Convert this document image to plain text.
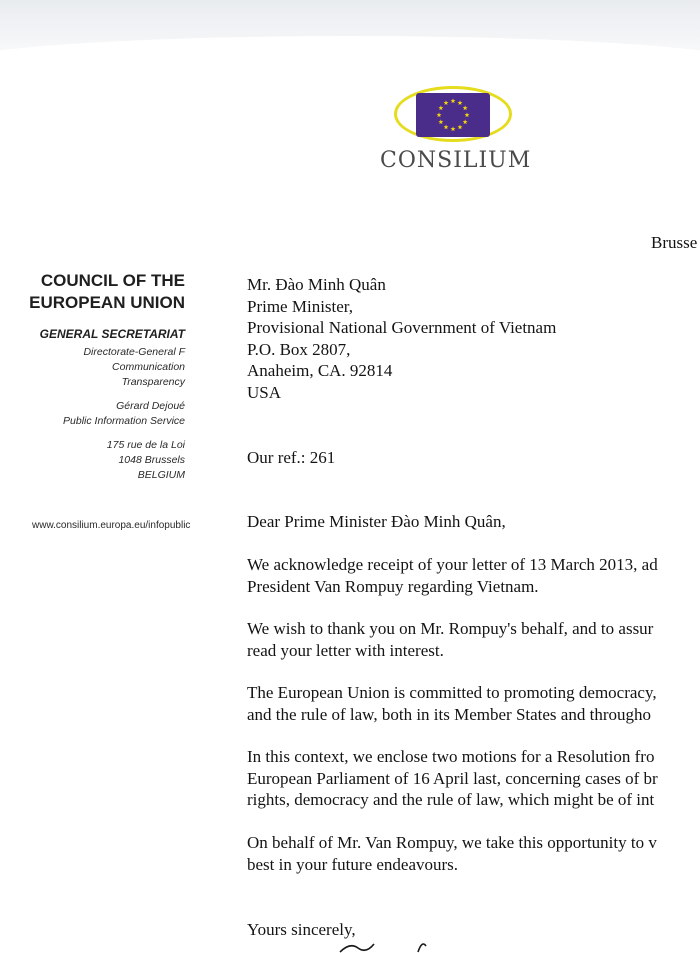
CONSILIUM
COUNCIL OF THE
EUROPEAN UNION
GENERAL SECRETARIAT
Directorate-General F
Communication
Transparency
Gérard Dejoué
Public Information Service
175 rue de la Loi
1048 Brussels
BELGIUM
www.consilium.europa.eu/infopublic
Brusse
Mr. Đào Minh Quân
Prime Minister,
Provisional National Government of Vietnam
P.O. Box 2807,
Anaheim, CA. 92814
USA
Our ref.: 261
Dear Prime Minister Đào Minh Quân,
We acknowledge receipt of your letter of 13 March 2013, ad
President Van Rompuy regarding Vietnam.
We wish to thank you on Mr. Rompuy's behalf, and to assur
read your letter with interest.
The European Union is committed to promoting democracy,
and the rule of law, both in its Member States and througho
In this context, we enclose two motions for a Resolution fro
European Parliament of 16 April last, concerning cases of br
rights, democracy and the rule of law, which might be of int
On behalf of Mr. Van Rompuy, we take this opportunity to v
best in your future endeavours.
Yours sincerely,
